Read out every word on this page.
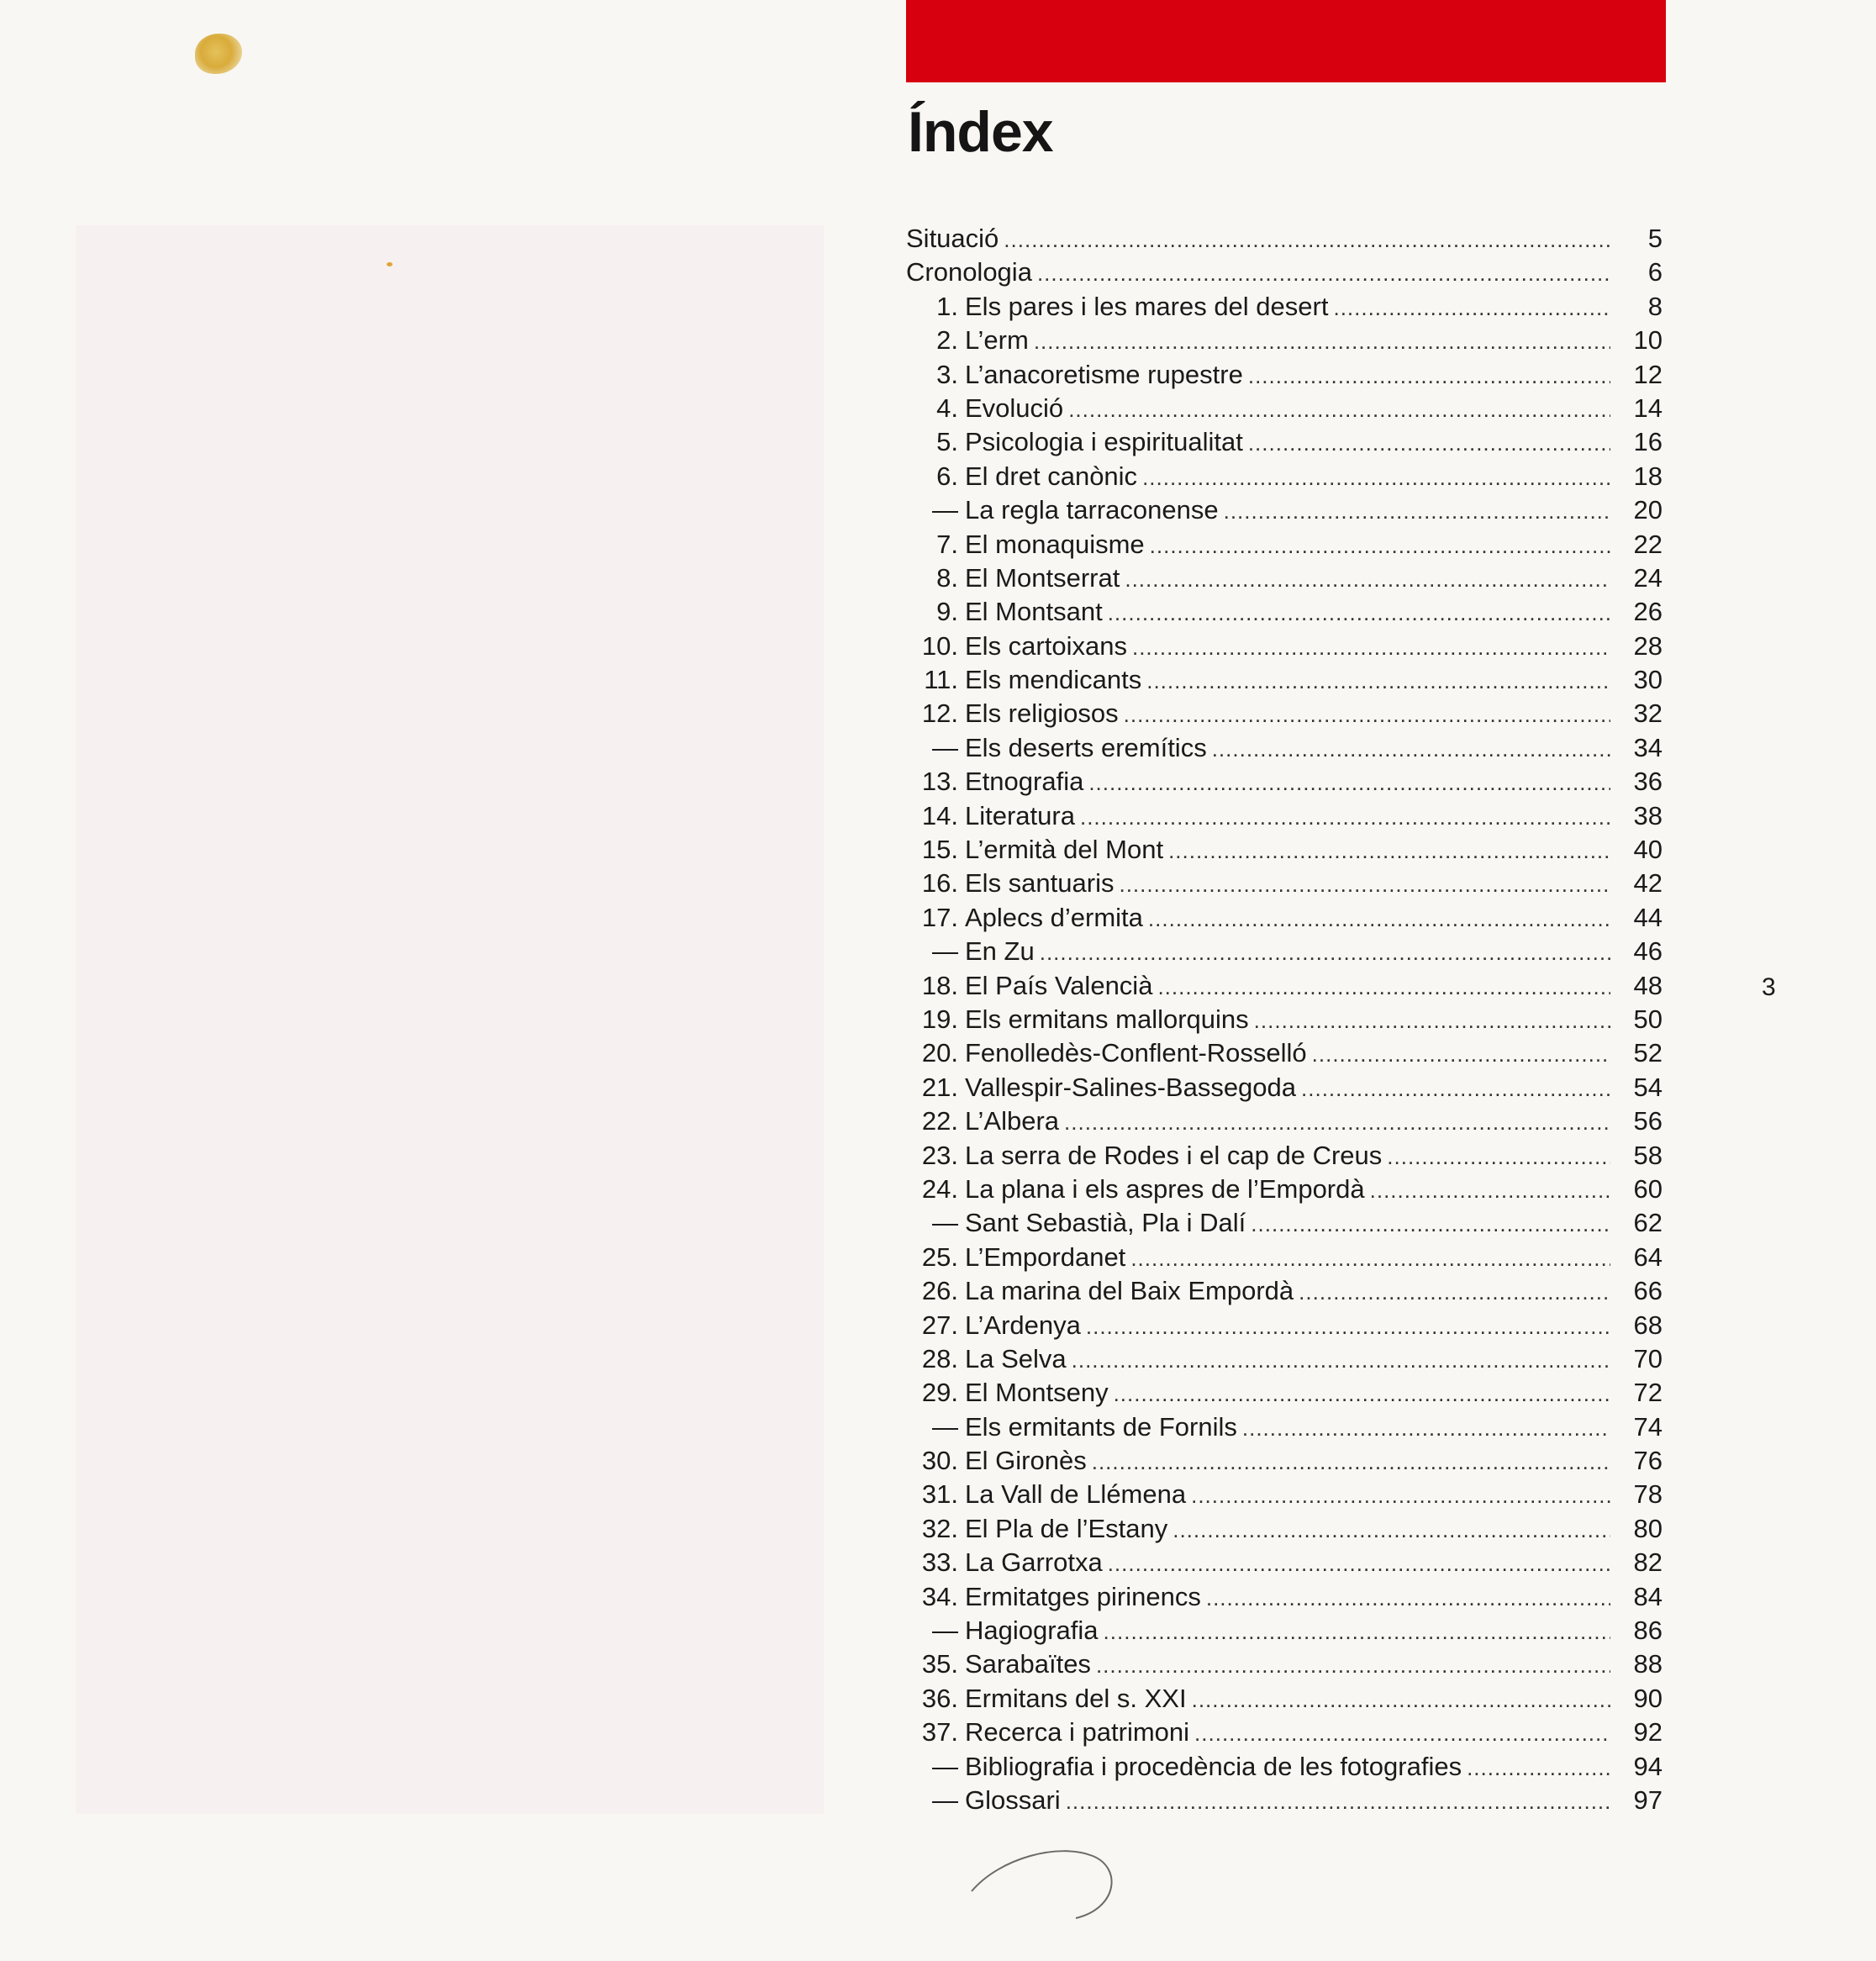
Índex
Situació .....	5
Cronologia .....	6
1. Els pares i les mares del desert .....	8
2. L’erm .....	10
3. L’anacoretisme rupestre .....	12
4. Evolució .....	14
5. Psicologia i espiritualitat .....	16
6. El dret canònic .....	18
— La regla tarraconense .....	20
7. El monaquisme .....	22
8. El Montserrat .....	24
9. El Montsant .....	26
10. Els cartoixans .....	28
11. Els mendicants .....	30
12. Els religiosos .....	32
— Els deserts eremítics .....	34
13. Etnografia .....	36
14. Literatura .....	38
15. L’ermità del Mont .....	40
16. Els santuaris .....	42
17. Aplecs d’ermita .....	44
— En Zu .....	46
18. El País Valencià .....	48
19. Els ermitans mallorquins .....	50
20. Fenolledès-Conflent-Rosselló .....	52
21. Vallespir-Salines-Bassegoda .....	54
22. L’Albera .....	56
23. La serra de Rodes i el cap de Creus .....	58
24. La plana i els aspres de l’Empordà .....	60
— Sant Sebastià, Pla i Dalí .....	62
25. L’Empordanet .....	64
26. La marina del Baix Empordà .....	66
27. L’Ardenya .....	68
28. La Selva .....	70
29. El Montseny .....	72
— Els ermitants de Fornils .....	74
30. El Gironès .....	76
31. La Vall de Llémena .....	78
32. El Pla de l’Estany .....	80
33. La Garrotxa .....	82
34. Ermitatges pirinencs .....	84
— Hagiografia .....	86
35. Sarabaïtes .....	88
36. Ermitans del s. XXI .....	90
37. Recerca i patrimoni .....	92
— Bibliografia i procedència de les fotografies .....	94
— Glossari .....	97
3
